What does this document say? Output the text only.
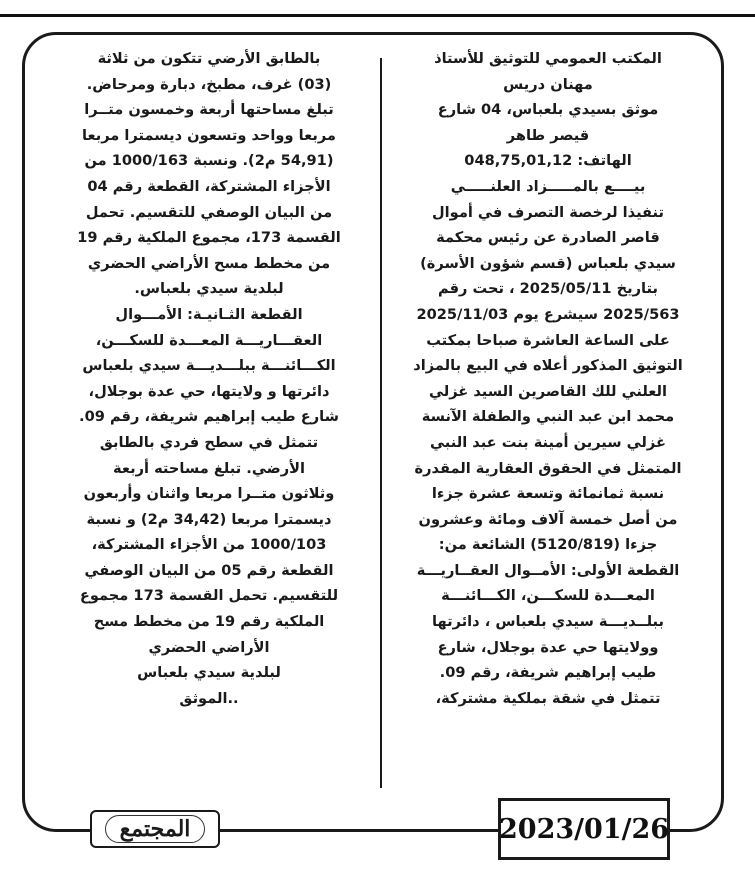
المكتب العمومي للتوثيق للأستاذ
مهنان دريس
موثق بسيدي بلعباس، 04 شارع
قيصر طاهر
الهاتف: 048,75,01,12
بيــــع بالمـــــزاد العلنـــــي
تنفيذا لرخصة التصرف في أموال
قاصر الصادرة عن رئيس محكمة
سيدي بلعباس (قسم شؤون الأسرة)
بتاريخ 2025/05/11 ، تحت رقم
2025/563 سيشرع يوم 2025/11/03
على الساعة العاشرة صباحا بمكتب
التوثيق المذكور أعلاه في البيع بالمزاد
العلني للك القاصرين السيد غزلي
محمد ابن عبد النبي والطفلة الآنسة
غزلي سيرين أمينة بنت عبد النبي
المتمثل في الحقوق العقارية المقدرة
نسبة ثمانمائة وتسعة عشرة جزءا
من أصل خمسة آلاف ومائة وعشرون
جزءا (5120/819) الشائعة من:
القطعة الأولى: الأمــوال العقــاريـــة
المعـــدة للسكـــن، الكـــائنـــة
ببلــديـــة سيدي بلعباس ، دائرتها
وولايتها حي عدة بوجلال، شارع
طيب إبراهيم شريفة، رقم 09.
تتمثل في شقة بملكية مشتركة،
بالطابق الأرضي تتكون من ثلاثة
(03) غرف، مطبخ، دبارة ومرحاض.
تبلغ مساحتها أربعة وخمسون متــرا
مربعا وواحد وتسعون ديسمترا مربعا
(54,91 م2). ونسبة 1000/163 من
الأجزاء المشتركة، القطعة رقم 04
من البيان الوصفي للتقسيم. تحمل
القسمة 173، مجموع الملكية رقم 19
من مخطط مسح الأراضي الحضري
لبلدية سيدي بلعباس.
القطعة الثـانيـة: الأمـــوال
العقـــاريـــة المعـــدة للسكـــن،
الكـــائنـــة ببلـــديـــة سيدي بلعباس
دائرتها و ولايتها، حي عدة بوجلال،
شارع طيب إبراهيم شريفة، رقم 09.
تتمثل في سطح فردي بالطابق
الأرضي. تبلغ مساحته أربعة
وثلاثون متــرا مربعا واثنان وأربعون
ديسمترا مربعا (34,42 م2) و نسبة
1000/103 من الأجزاء المشتركة،
القطعة رقم 05 من البيان الوصفي
للتقسيم. تحمل القسمة 173 مجموع
الملكية رقم 19 من مخطط مسح
الأراضي الحضري
لبلدية سيدي بلعباس
..الموثق
2023/01/26
المجتمع
